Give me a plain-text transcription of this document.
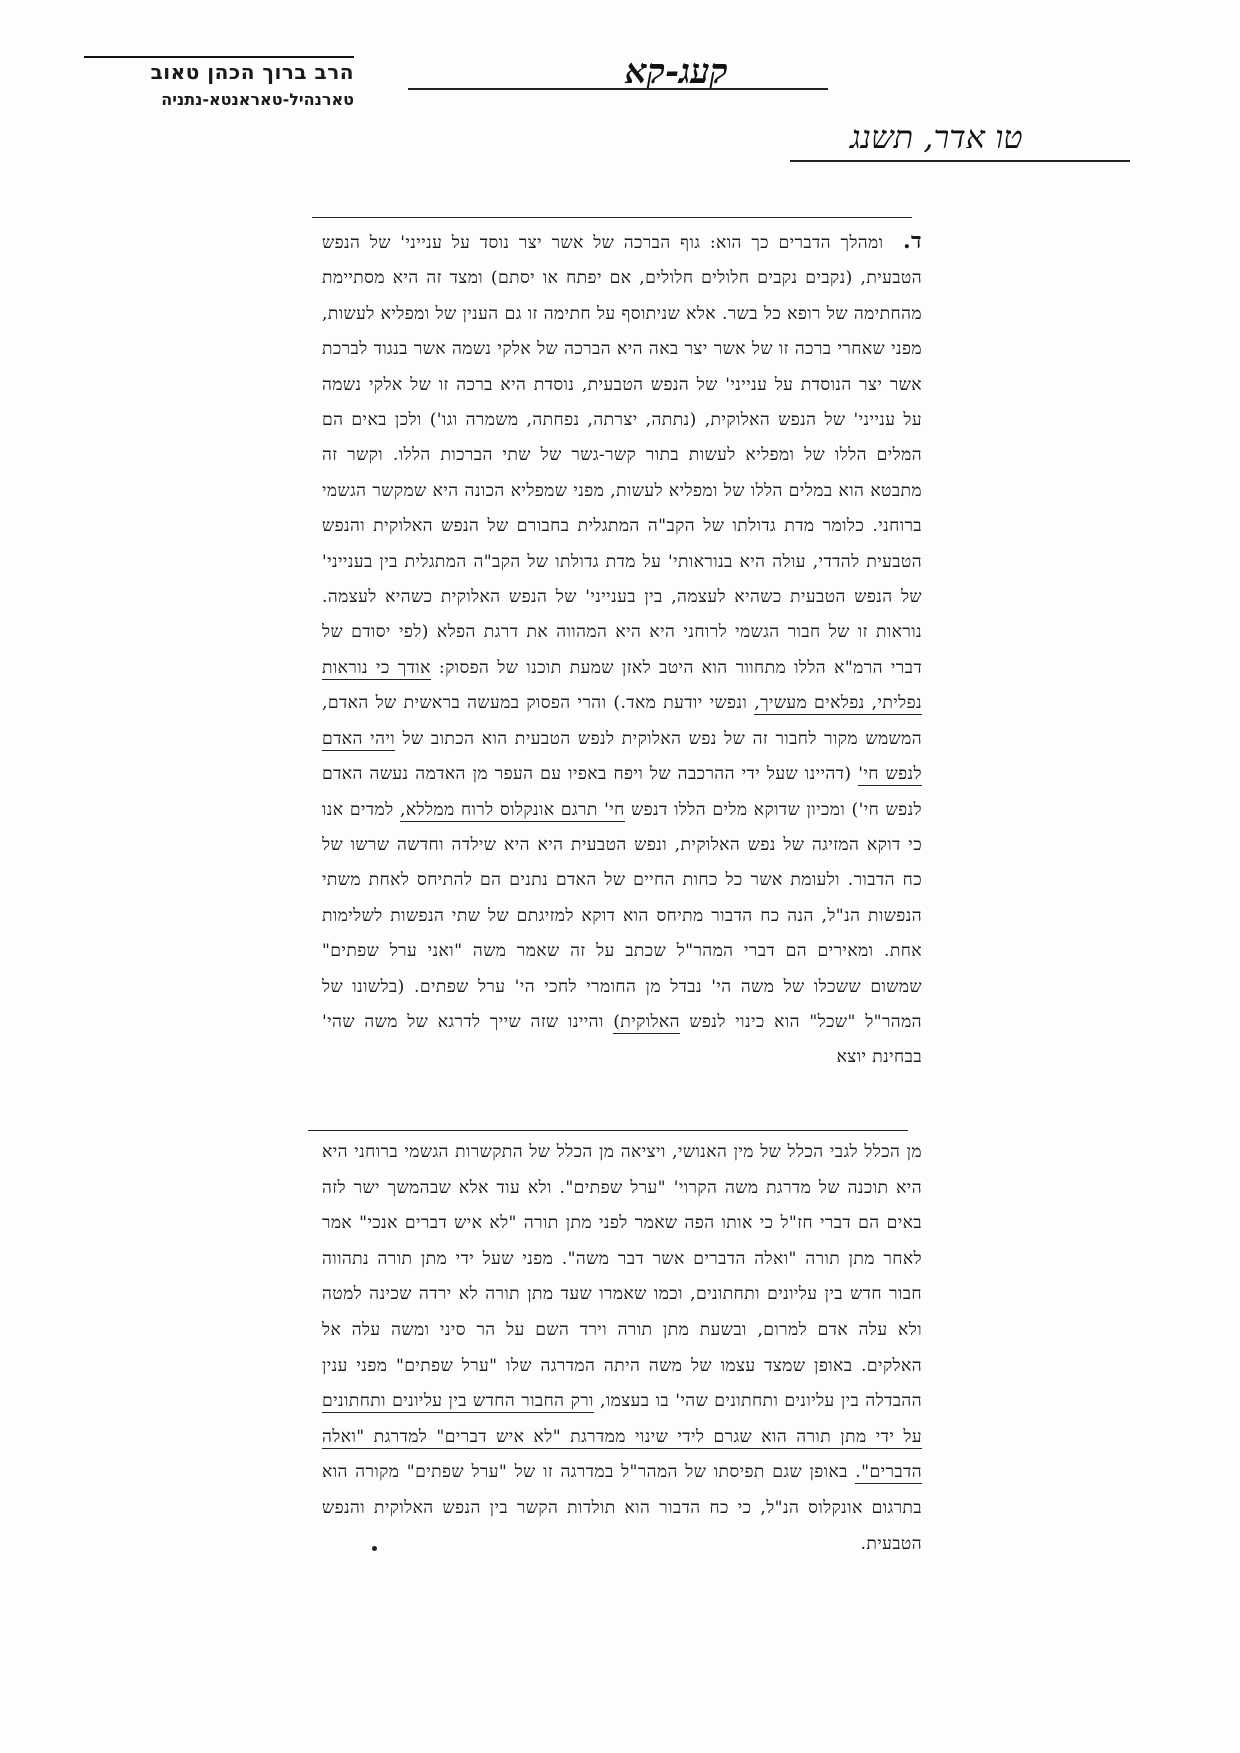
הרב ברוך הכהן טאוב
טארנהיל-טאראנטא-נתניה
קעג-קא
טו אדר, תשנג
ד. ומהלך הדברים כך הוא: גוף הברכה של אשר יצר נוסד על ענייני' של הנפש הטבעית, (נקבים נקבים חלולים חלולים, אם יפתח או יסתם) ומצד זה היא מסתיימת מהחתימה של רופא כל בשר. אלא שניתוסף על חתימה זו גם הענין של ומפליא לעשות, מפני שאחרי ברכה זו של אשר יצר באה היא הברכה של אלקי נשמה אשר בנגוד לברכת אשר יצר הנוסדת על ענייני' של הנפש הטבעית, נוסדת היא ברכה זו של אלקי נשמה על ענייני' של הנפש האלוקית, (נתתה, יצרתה, נפחתה, משמרה וגו') ולכן באים הם המלים הללו של ומפליא לעשות בתור קשר-גשר של שתי הברכות הללו. וקשר זה מתבטא הוא במלים הללו של ומפליא לעשות, מפני שמפליא הכונה היא שמקשר הגשמי ברוחני. כלומר מדת גדולתו של הקב"ה המתגלית בחבורם של הנפש האלוקית והנפש הטבעית להדדי, עולה היא בנוראותי' על מדת גדולתו של הקב"ה המתגלית בין בענייני' של הנפש הטבעית כשהיא לעצמה, בין בענייני' של הנפש האלוקית כשהיא לעצמה. נוראות זו של חבור הגשמי לרוחני היא היא המהווה את דרגת הפלא (לפי יסודם של דברי הרמ"א הללו מתחוור הוא היטב לאזן שמעת תוכנו של הפסוק: אודך כי נוראות נפליתי, נפלאים מעשיך, ונפשי יודעת מאד.) והרי הפסוק במעשה בראשית של האדם, המשמש מקור לחבור זה של נפש האלוקית לנפש הטבעית הוא הכתוב של ויהי האדם לנפש חי' (דהיינו שעל ידי ההרכבה של ויפח באפיו עם העפר מן האדמה נעשה האדם לנפש חי') ומכיון שדוקא מלים הללו דנפש חי' תרגם אונקלוס לרוח ממללא, למדים אנו כי דוקא המזיגה של נפש האלוקית, ונפש הטבעית היא היא שילדה וחדשה שרשו של כח הדבור. ולעומת אשר כל כחות החיים של האדם נתנים הם להתיחס לאחת משתי הנפשות הנ"ל, הנה כח הדבור מתיחס הוא דוקא למזיגתם של שתי הנפשות לשלימות אחת. ומאירים הם דברי המהר"ל שכתב על זה שאמר משה "ואני ערל שפתים" שמשום ששכלו של משה הי' נבדל מן החומרי לחכי הי' ערל שפתים. (בלשונו של המהר"ל "שכל" הוא כינוי לנפש האלוקית) והיינו שזה שייך לדרגא של משה שהי' בבחינת יוצא
מן הכלל לגבי הכלל של מין האנושי, ויציאה מן הכלל של התקשרות הגשמי ברוחני היא היא תוכנה של מדרגת משה הקרוי' "ערל שפתים". ולא עוד אלא שבהמשך ישר לזה באים הם דברי חז"ל כי אותו הפה שאמר לפני מתן תורה "לא איש דברים אנכי" אמר לאחר מתן תורה "ואלה הדברים אשר דבר משה". מפני שעל ידי מתן תורה נתהווה חבור חדש בין עליונים ותחתונים, וכמו שאמרו שעד מתן תורה לא ירדה שכינה למטה ולא עלה אדם למרום, ובשעת מתן תורה וירד השם על הר סיני ומשה עלה אל האלקים. באופן שמצד עצמו של משה היתה המדרגה שלו "ערל שפתים" מפני ענין ההבדלה בין עליונים ותחתונים שהי' בו בעצמו, ורק החבור החדש בין עליונים ותחתונים על ידי מתן תורה הוא שגרם לידי שינוי ממדרגת "לא איש דברים" למדרגת "ואלה הדברים". באופן שגם תפיסתו של המהר"ל במדרגה זו של "ערל שפתים" מקורה הוא בתרגום אונקלוס הנ"ל, כי כח הדבור הוא תולדות הקשר בין הנפש האלוקית והנפש הטבעית.
